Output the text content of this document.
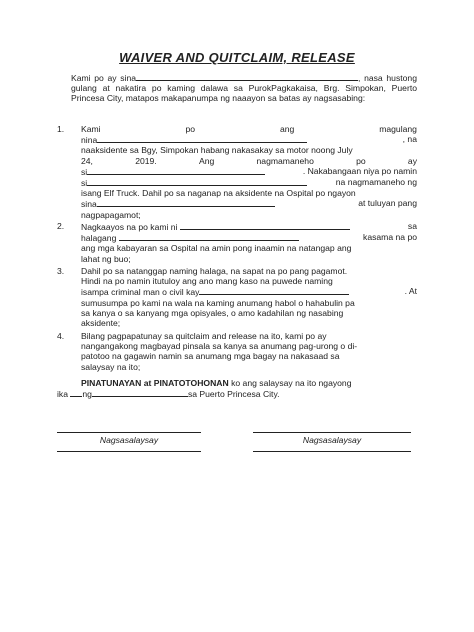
WAIVER AND QUITCLAIM, RELEASE
Kami po ay sina	, nasa hustong gulang at nakatira po kaming dalawa sa PurokPagkakaisa, Brg. Simpokan, Puerto Princesa City, matapos makapanumpa ng naaayon sa batas ay nagsasabing:
1.	Kami	po	ang	magulang
nina	, na
naaksidente sa Bgy, Simpokan habang nakasakay sa motor noong July
24,	2019.	Ang	nagmamaneho	po	ay
si	. Nakabangaan niya po namin
si	na nagmamaneho ng
isang Elf Truck. Dahil po sa naganap na aksidente na Ospital po ngayon
sina	at tuluyan pang
nagpapagamot;
2.	Nagkaayos na po kami ni	sa
halagang	kasama na po
ang mga kabayaran sa Ospital na amin pong inaamin na natangap ang
lahat ng buo;
3.	Dahil po sa natanggap naming halaga, na sapat na po pang pagamot.
Hindi na po namin itutuloy ang ano mang kaso na puwede naming
isampa criminal man o civil kay	. At
sumusumpa po kami na wala na kaming anumang habol o hahabulin pa
sa kanya o sa kanyang mga opisyales, o amo kadahilan ng nasabing
aksidente;
4.	Bilang pagpapatunay sa quitclaim and release na ito, kami po ay
nangangakong magbayad pinsala sa kanya sa anumang pag-urong o di-
patotoo na gagawin namin sa anumang mga bagay na nakasaad sa
salaysay na ito;
PINATUNAYAN at PINATOTOHONAN ko ang salaysay na ito ngayong
ika ng	sa Puerto Princesa City.
Nagsasalaysay	Nagsasalaysay
